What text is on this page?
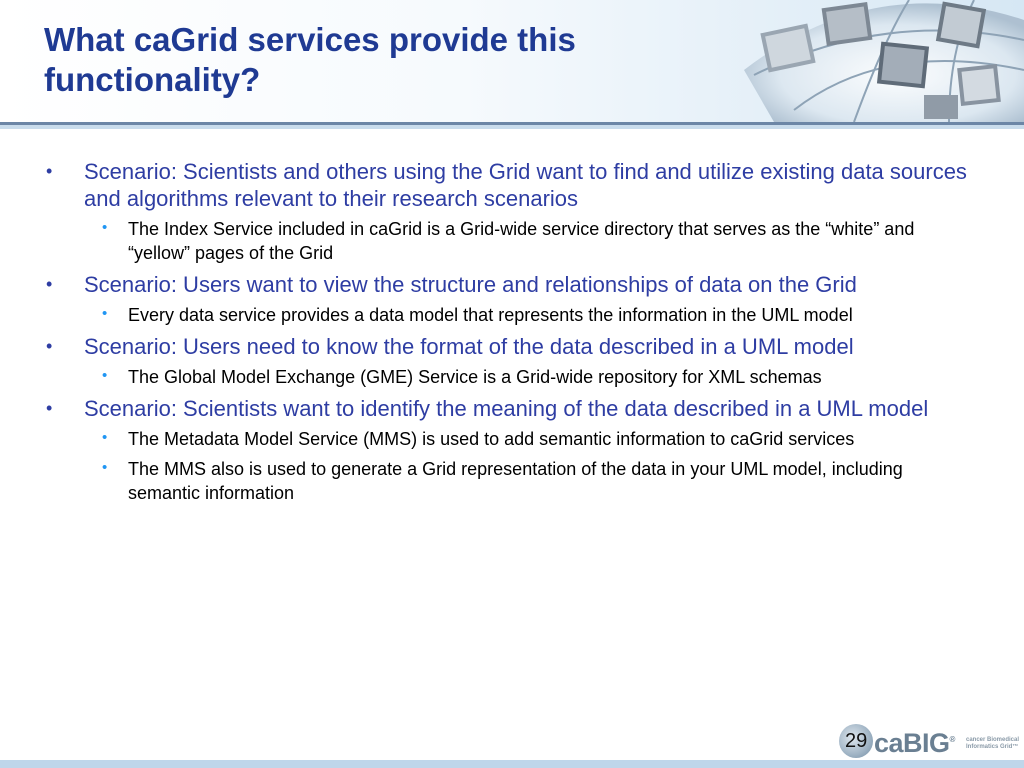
What caGrid services provide this functionality?
• Scenario: Scientists and others using the Grid want to find and utilize existing data sources and algorithms relevant to their research scenarios
• The Index Service included in caGrid is a Grid-wide service directory that serves as the “white” and “yellow” pages of the Grid
• Scenario: Users want to view the structure and relationships of data on the Grid
• Every data service provides a data model that represents the information in the UML model
• Scenario: Users need to know the format of the data described in a UML model
• The Global Model Exchange (GME) Service is a Grid-wide repository for XML schemas
• Scenario: Scientists want to identify the meaning of the data described in a UML model
• The Metadata Model Service (MMS) is used to add semantic information to caGrid services
• The MMS also is used to generate a Grid representation of the data in your UML model, including semantic information
29 caBIG® cancer Biomedical Informatics Grid™
